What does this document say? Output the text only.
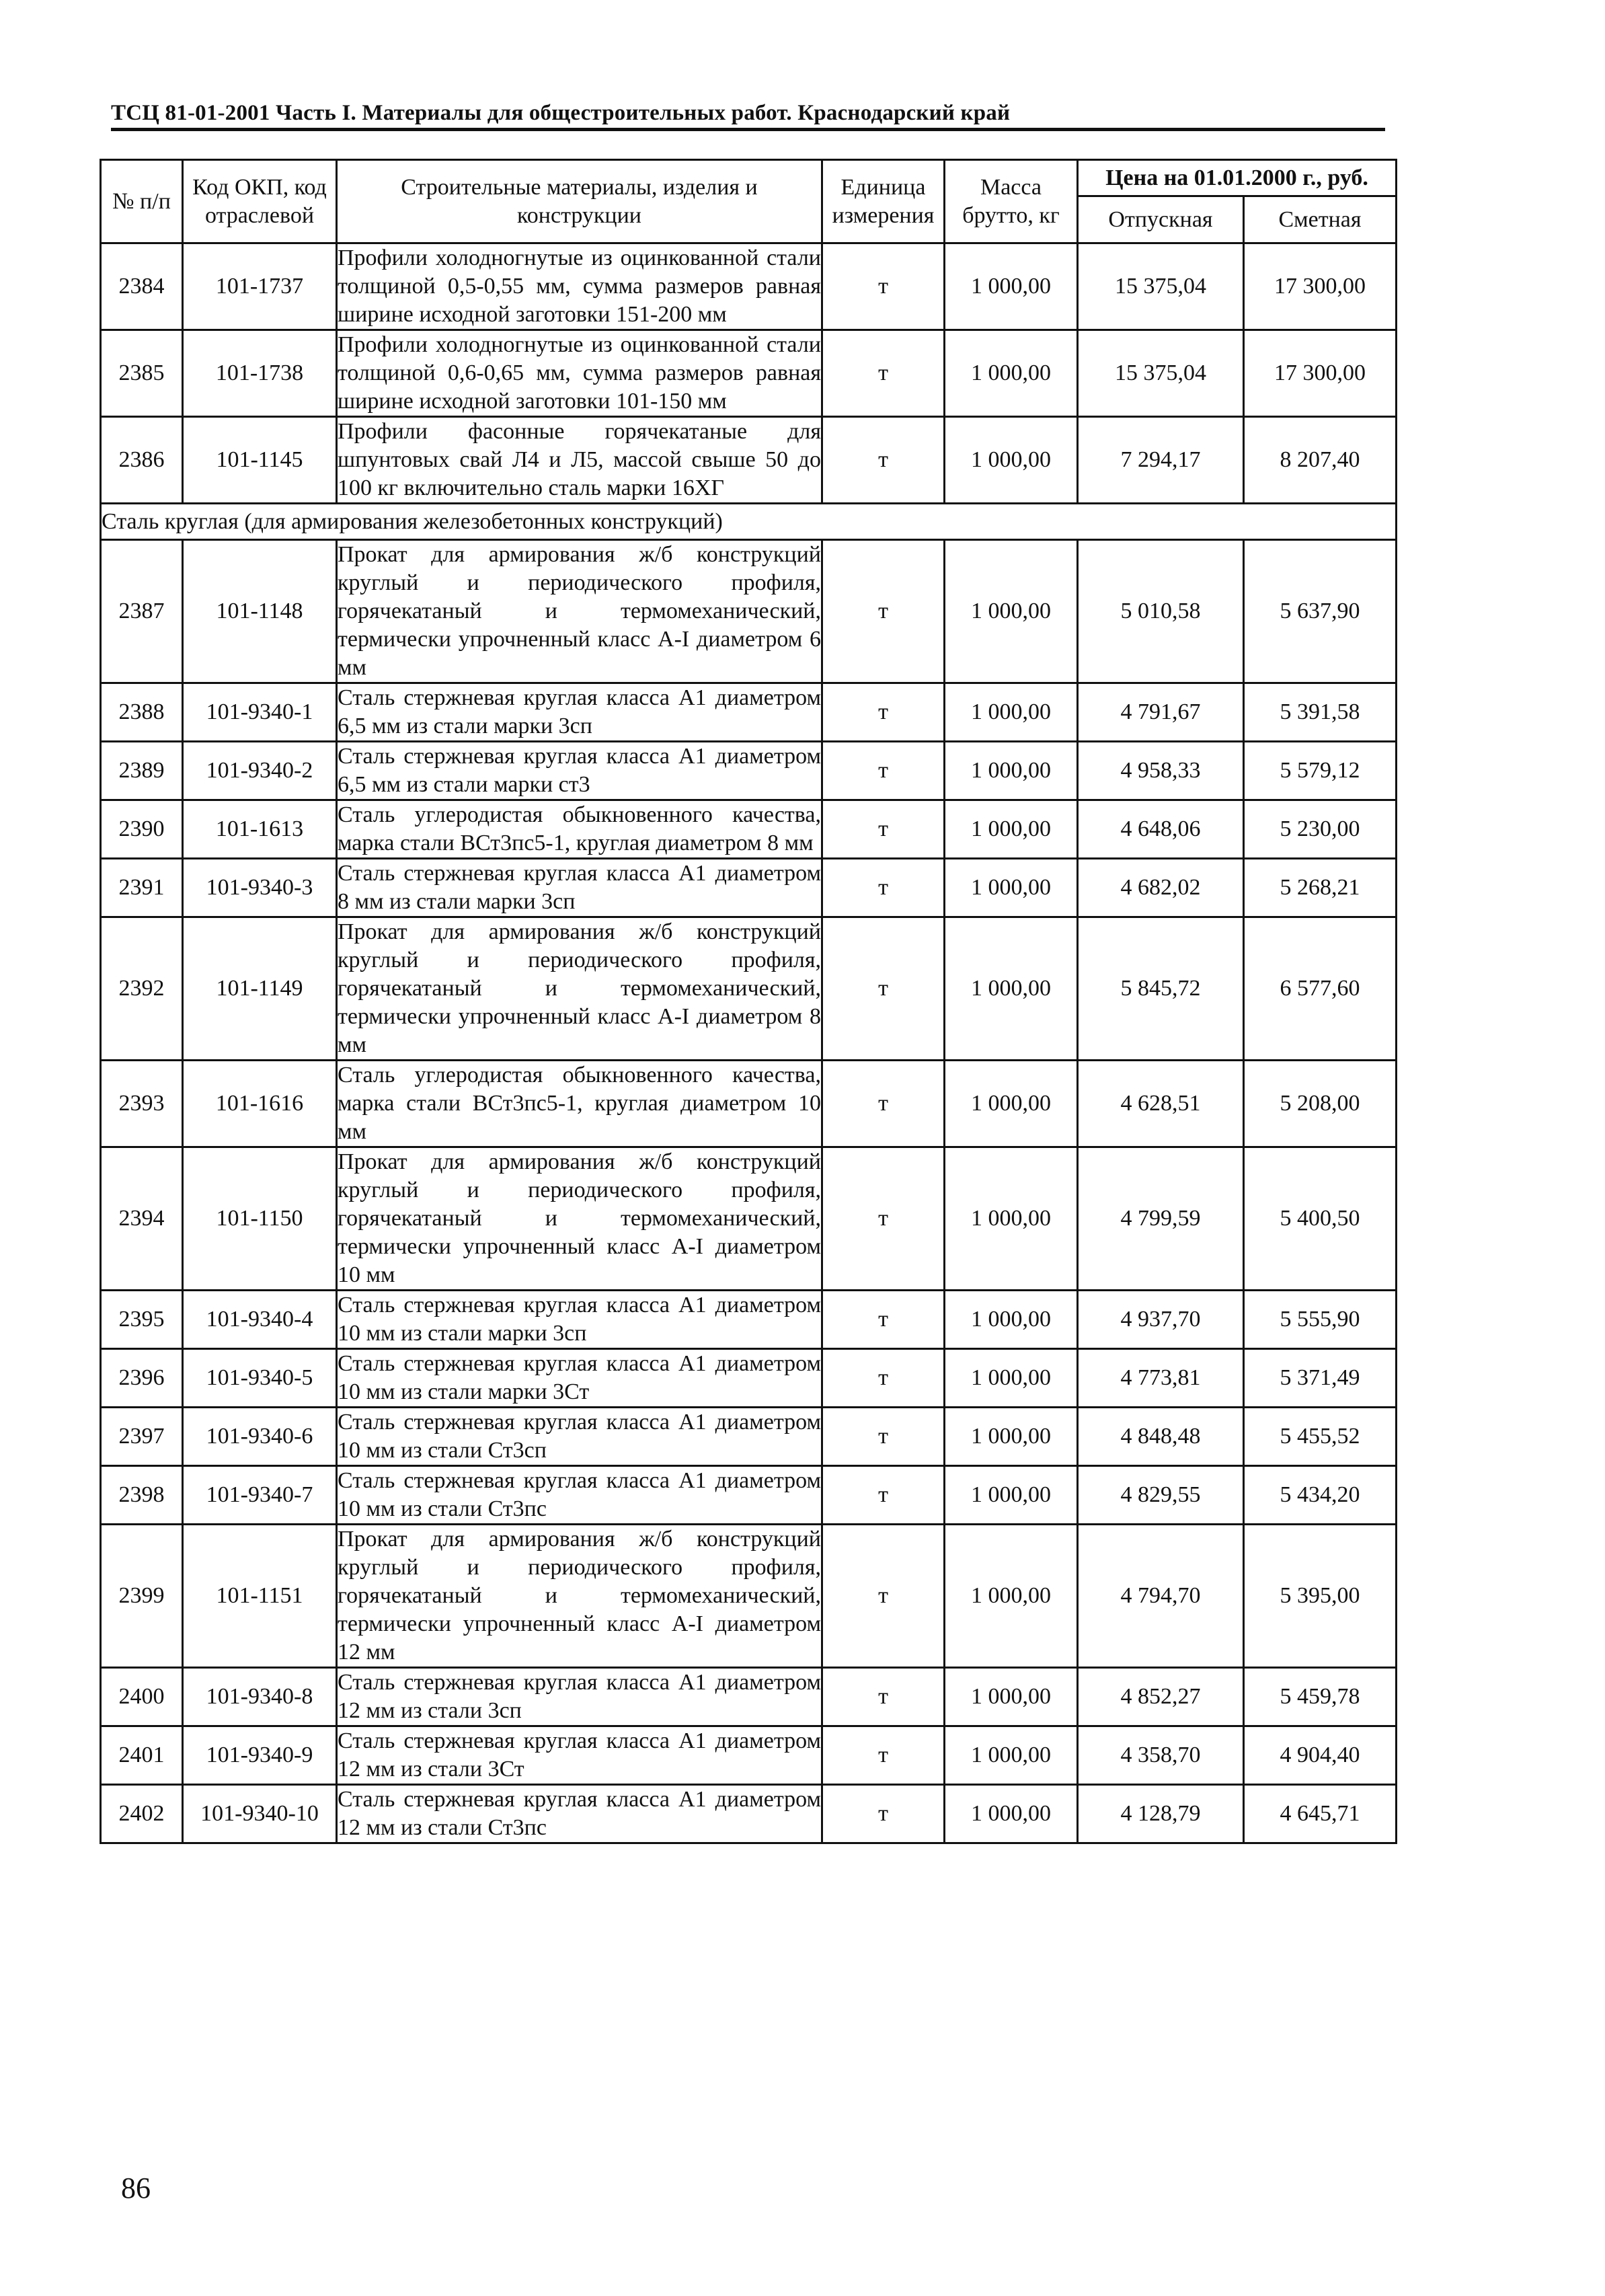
ТСЦ 81-01-2001 Часть I. Материалы для общестроительных работ. Краснодарский край
№ п/п	Код ОКП, код отраслевой	Строительные материалы, изделия и конструкции	Единица измерения	Масса брутто, кг	Цена на 01.01.2000 г., руб.	
					Отпускная	Сметная
2384	101-1737	Профили холодногнутые из оцинкованной стали толщиной 0,5-0,55 мм, сумма размеров равная ширине исходной заготовки 151-200 мм	т	1 000,00	15 375,04	17 300,00
2385	101-1738	Профили холодногнутые из оцинкованной стали толщиной 0,6-0,65 мм, сумма размеров равная ширине исходной заготовки 101-150 мм	т	1 000,00	15 375,04	17 300,00
2386	101-1145	Профили фасонные горячекатаные для шпунтовых свай Л4 и Л5, массой свыше 50 до 100 кг включительно сталь марки 16ХГ	т	1 000,00	7 294,17	8 207,40
Сталь круглая (для армирования железобетонных конструкций)						
2387	101-1148	Прокат для армирования ж/б конструкций круглый и периодического профиля, горячекатаный и термомеханический, термически упрочненный класс А-I диаметром 6 мм	т	1 000,00	5 010,58	5 637,90
2388	101-9340-1	Сталь стержневая круглая класса А1 диаметром 6,5 мм из стали марки 3сп	т	1 000,00	4 791,67	5 391,58
2389	101-9340-2	Сталь стержневая круглая класса А1 диаметром 6,5 мм из стали марки ст3	т	1 000,00	4 958,33	5 579,12
2390	101-1613	Сталь углеродистая обыкновенного качества, марка стали ВСт3пс5-1, круглая диаметром 8 мм	т	1 000,00	4 648,06	5 230,00
2391	101-9340-3	Сталь стержневая круглая класса А1 диаметром 8 мм из стали марки 3сп	т	1 000,00	4 682,02	5 268,21
2392	101-1149	Прокат для армирования ж/б конструкций круглый и периодического профиля, горячекатаный и термомеханический, термически упрочненный класс А-I диаметром 8 мм	т	1 000,00	5 845,72	6 577,60
2393	101-1616	Сталь углеродистая обыкновенного качества, марка стали ВСт3пс5-1, круглая диаметром 10 мм	т	1 000,00	4 628,51	5 208,00
2394	101-1150	Прокат для армирования ж/б конструкций круглый и периодического профиля, горячекатаный и термомеханический, термически упрочненный класс А-I диаметром 10 мм	т	1 000,00	4 799,59	5 400,50
2395	101-9340-4	Сталь стержневая круглая класса А1 диаметром 10 мм из стали марки 3сп	т	1 000,00	4 937,70	5 555,90
2396	101-9340-5	Сталь стержневая круглая класса А1 диаметром 10 мм из стали марки 3Ст	т	1 000,00	4 773,81	5 371,49
2397	101-9340-6	Сталь стержневая круглая класса А1 диаметром 10 мм из стали Ст3сп	т	1 000,00	4 848,48	5 455,52
2398	101-9340-7	Сталь стержневая круглая класса А1 диаметром 10 мм из стали Ст3пс	т	1 000,00	4 829,55	5 434,20
2399	101-1151	Прокат для армирования ж/б конструкций круглый и периодического профиля, горячекатаный и термомеханический, термически упрочненный класс А-I диаметром 12 мм	т	1 000,00	4 794,70	5 395,00
2400	101-9340-8	Сталь стержневая круглая класса А1 диаметром 12 мм из стали 3сп	т	1 000,00	4 852,27	5 459,78
2401	101-9340-9	Сталь стержневая круглая класса А1 диаметром 12 мм из стали 3Ст	т	1 000,00	4 358,70	4 904,40
2402	101-9340-10	Сталь стержневая круглая класса А1 диаметром 12 мм из стали Ст3пс	т	1 000,00	4 128,79	4 645,71
86
